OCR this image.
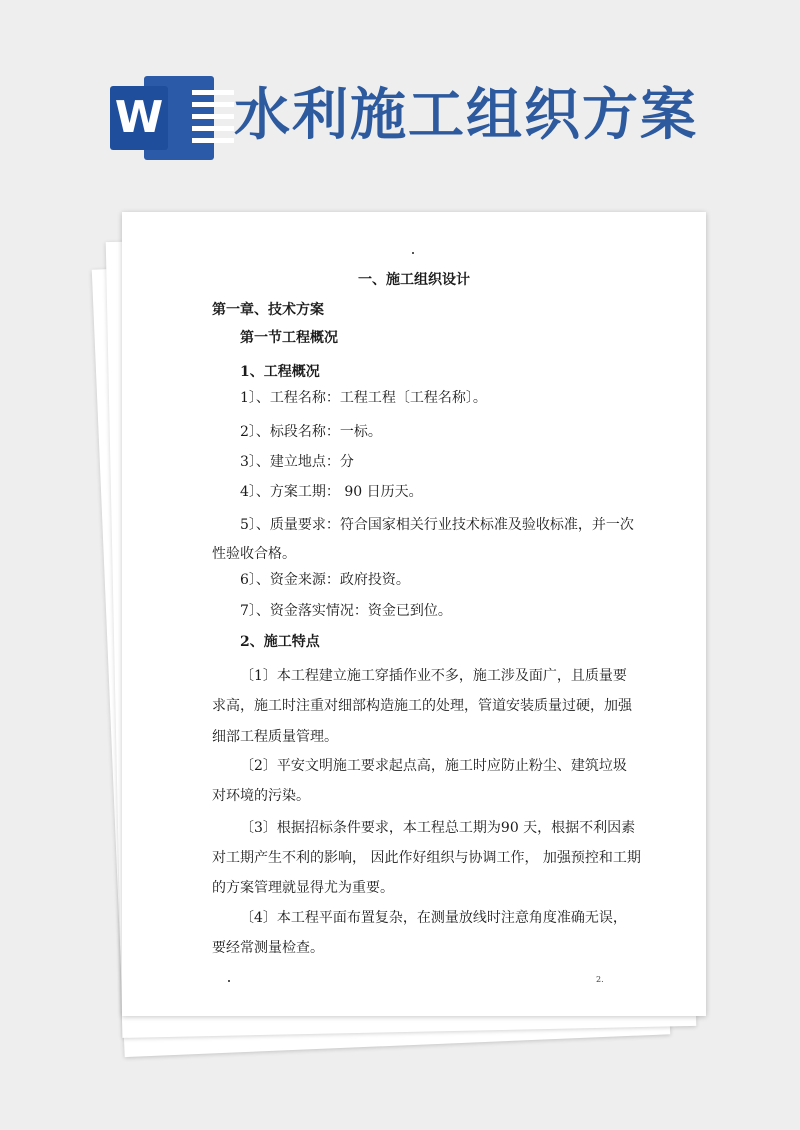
W 水利施工组织方案
一、施工组织设计
第一章、技术方案
第一节工程概况
1、工程概况
1〕、工程名称：工程工程〔工程名称〕。
2〕、标段名称：一标。
3〕、建立地点：分
4〕、方案工期： 90 日历天。
5〕、质量要求：符合国家相关行业技术标准及验收标准，并一次
性验收合格。
6〕、资金来源：政府投资。
7〕、资金落实情况：资金已到位。
2、施工特点
〔1〕本工程建立施工穿插作业不多，施工涉及面广，且质量要
求高，施工时注重对细部构造施工的处理，管道安装质量过硬，加强
细部工程质量管理。
〔2〕平安文明施工要求起点高，施工时应防止粉尘、建筑垃圾
对环境的污染。
〔3〕根据招标条件要求，本工程总工期为90 天，根据不利因素
对工期产生不利的影响， 因此作好组织与协调工作， 加强预控和工期
的方案管理就显得尤为重要。
〔4〕本工程平面布置复杂，在测量放线时注意角度准确无误，
要经常测量检查。
2.
